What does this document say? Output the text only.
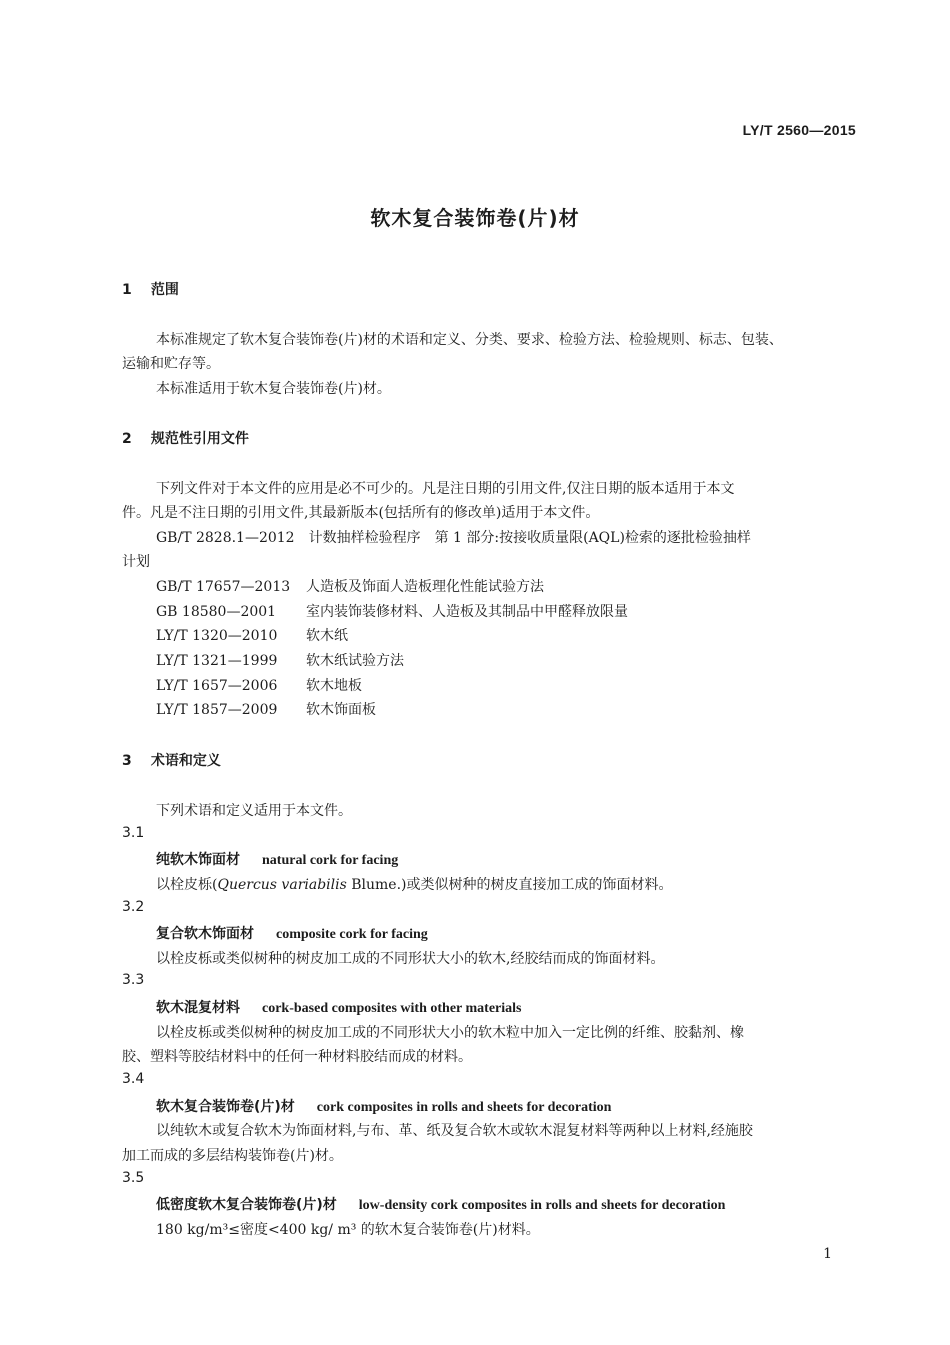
LY/T 2560—2015
软木复合装饰卷(片)材
1 范围
本标准规定了软木复合装饰卷(片)材的术语和定义、分类、要求、检验方法、检验规则、标志、包装、
运输和贮存等。
本标准适用于软木复合装饰卷(片)材。
2 规范性引用文件
下列文件对于本文件的应用是必不可少的。凡是注日期的引用文件,仅注日期的版本适用于本文
件。凡是不注日期的引用文件,其最新版本(包括所有的修改单)适用于本文件。
GB/T 2828.1—2012　计数抽样检验程序　第 1 部分:按接收质量限(AQL)检索的逐批检验抽样
计划
GB/T 17657—2013 人造板及饰面人造板理化性能试验方法
GB 18580—2001 室内装饰装修材料、人造板及其制品中甲醛释放限量
LY/T 1320—2010 软木纸
LY/T 1321—1999 软木纸试验方法
LY/T 1657—2006 软木地板
LY/T 1857—2009 软木饰面板
3 术语和定义
下列术语和定义适用于本文件。
3.1
纯软木饰面材 natural cork for facing
以栓皮栎(Quercus variabilis Blume.)或类似树种的树皮直接加工成的饰面材料。
3.2
复合软木饰面材 composite cork for facing
以栓皮栎或类似树种的树皮加工成的不同形状大小的软木,经胶结而成的饰面材料。
3.3
软木混复材料 cork-based composites with other materials
以栓皮栎或类似树种的树皮加工成的不同形状大小的软木粒中加入一定比例的纤维、胶黏剂、橡
胶、塑料等胶结材料中的任何一种材料胶结而成的材料。
3.4
软木复合装饰卷(片)材 cork composites in rolls and sheets for decoration
以纯软木或复合软木为饰面材料,与布、革、纸及复合软木或软木混复材料等两种以上材料,经施胶
加工而成的多层结构装饰卷(片)材。
3.5
低密度软木复合装饰卷(片)材 low-density cork composites in rolls and sheets for decoration
180 kg/m³≤密度<400 kg/ m³ 的软木复合装饰卷(片)材料。
1
